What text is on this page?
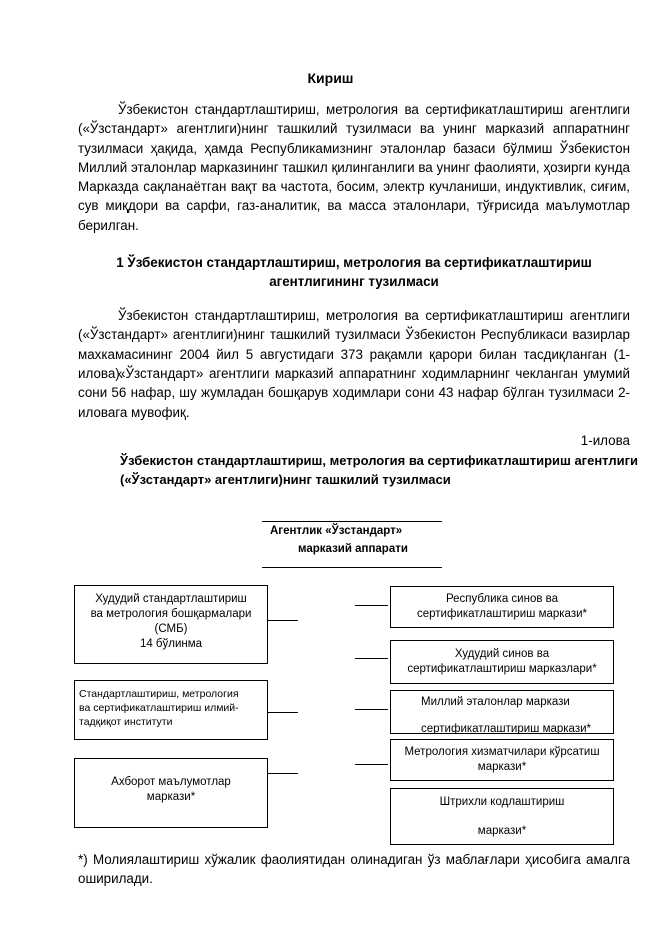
Кириш
Ўзбекистон стандартлаштириш, метрология ва сертификатлаштириш агентлиги («Ўзстандарт» агентлиги)нинг ташкилий тузилмаси ва унинг марказий аппаратнинг тузилмаси ҳақида, ҳамда Республикамизнинг эталонлар базаси бўлмиш Ўзбекистон Миллий эталонлар марказининг ташкил қилинганлиги ва унинг фаолияти, ҳозирги кунда Марказда сақланаётган вақт ва частота, босим, электр кучланиши, индуктивлик, сиғим, сув миқдори ва сарфи, газ-аналитик, ва масса эталонлари, тўғрисида маълумотлар берилган.
1 Ўзбекистон стандартлаштириш, метрология ва сертификатлаштириш агентлигининг тузилмаси
Ўзбекистон стандартлаштириш, метрология ва сертификатлаштириш агентлиги («Ўзстандарт» агентлиги)нинг ташкилий тузилмаси Ўзбекистон Республикаси вазирлар махкамасининг 2004 йил 5 августидаги 373 рақамли қарори билан тасдиқланган (1-илова).
«Ўзстандарт» агентлиги марказий аппаратнинг ходимларнинг чекланган умумий сони 56 нафар, шу жумладан бошқарув ходимлари сони 43 нафар бўлган тузилмаси 2-иловага мувофиқ.
1-илова
Ўзбекистон стандартлаштириш, метрология ва сертификатлаштириш агентлиги («Ўзстандарт» агентлиги)нинг ташкилий тузилмаси
Агентлик «Ўзстандарт»
марказий аппарати
Худудий стандартлаштириш
ва метрология бошқармалари
(СМБ)
14 бўлинма
Стандартлаштириш, метрология
ва сертификатлаштириш илмий-
тадқиқот институти
Ахборот маълумотлар
маркази*
Республика синов ва
сертификатлаштириш маркази*
Худудий синов ва
сертификатлаштириш марказлари*
Миллий эталонлар маркази
сертификатлаштириш маркази*
Метрология хизматчилари кўрсатиш
маркази*
Штрихли кодлаштириш
маркази*
*) Молиялаштириш хўжалик фаолиятидан олинадиган ўз маблағлари ҳисобига амалга оширилади.
